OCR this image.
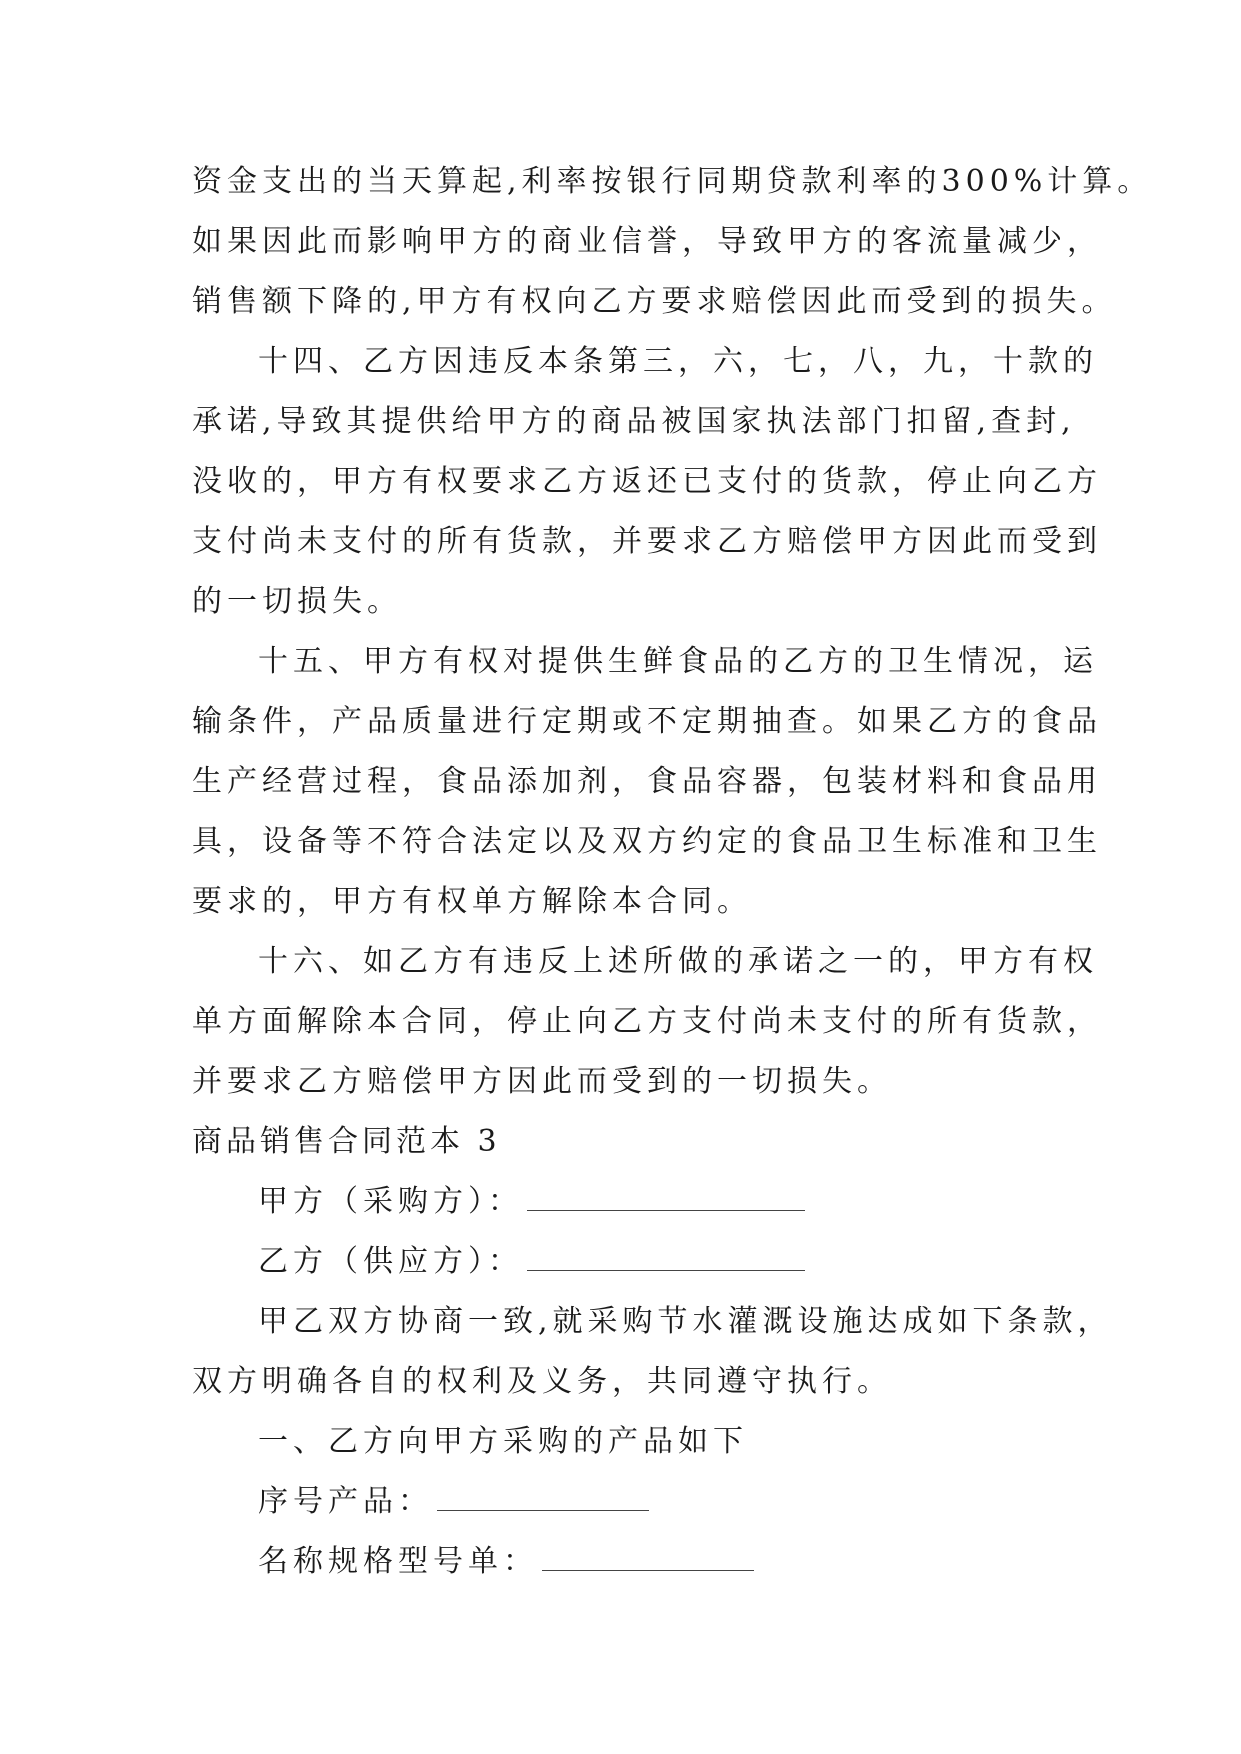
资金支出的当天算起,利率按银行同期贷款利率的300%计算。
如果因此而影响甲方的商业信誉，导致甲方的客流量减少，
销售额下降的,甲方有权向乙方要求赔偿因此而受到的损失。
十四、乙方因违反本条第三，六，七，八，九，十款的
承诺,导致其提供给甲方的商品被国家执法部门扣留,查封,
没收的，甲方有权要求乙方返还已支付的货款，停止向乙方
支付尚未支付的所有货款，并要求乙方赔偿甲方因此而受到
的一切损失。
十五、甲方有权对提供生鲜食品的乙方的卫生情况，运
输条件，产品质量进行定期或不定期抽查。如果乙方的食品
生产经营过程，食品添加剂，食品容器，包装材料和食品用
具，设备等不符合法定以及双方约定的食品卫生标准和卫生
要求的，甲方有权单方解除本合同。
十六、如乙方有违反上述所做的承诺之一的，甲方有权
单方面解除本合同，停止向乙方支付尚未支付的所有货款，
并要求乙方赔偿甲方因此而受到的一切损失。
商品销售合同范本 3
甲方（采购方）：
乙方（供应方）：
甲乙双方协商一致,就采购节水灌溉设施达成如下条款，
双方明确各自的权利及义务，共同遵守执行。
一、乙方向甲方采购的产品如下
序号产品：
名称规格型号单：
